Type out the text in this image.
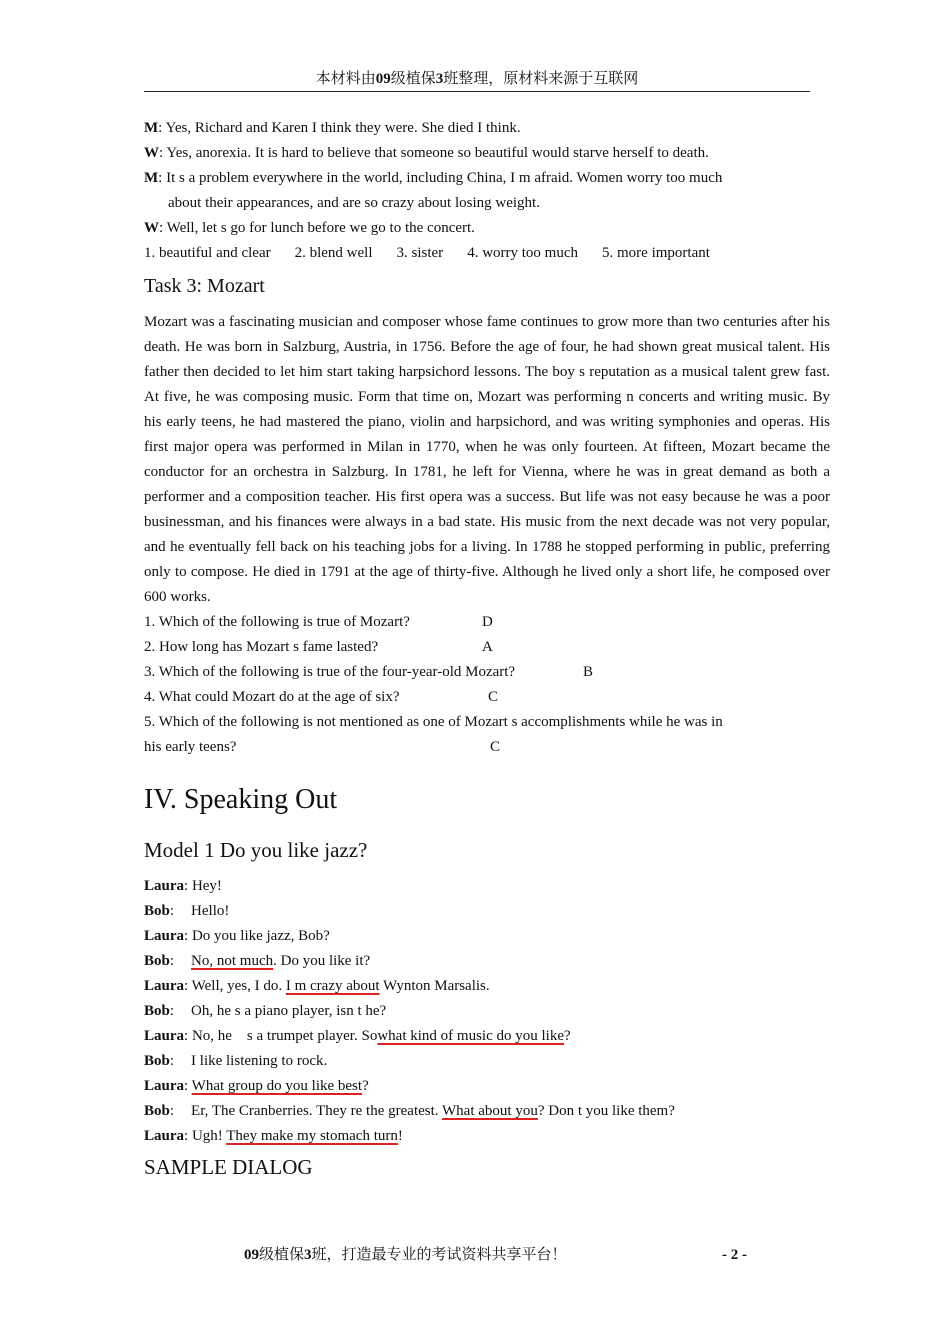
本材料由09级植保3班整理，原材料来源于互联网
M: Yes, Richard and Karen I think they were. She died I think.
W: Yes, anorexia. It is hard to believe that someone so beautiful would starve herself to death.
M: It s a problem everywhere in the world, including China, I m afraid. Women worry too much
about their appearances, and are so crazy about losing weight.
W: Well, let s go for lunch before we go to the concert.
1. beautiful and clear 2. blend well 3. sister 4. worry too much 5. more important
Task 3: Mozart
Mozart was a fascinating musician and composer whose fame continues to grow more than two centuries after his death. He was born in Salzburg, Austria, in 1756. Before the age of four, he had shown great musical talent. His father then decided to let him start taking harpsichord lessons. The boy s reputation as a musical talent grew fast. At five, he was composing music. Form that time on, Mozart was performing n concerts and writing music. By his early teens, he had mastered the piano, violin and harpsichord, and was writing symphonies and operas. His first major opera was performed in Milan in 1770, when he was only fourteen. At fifteen, Mozart became the conductor for an orchestra in Salzburg. In 1781, he left for Vienna, where he was in great demand as both a performer and a composition teacher. His first opera was a success. But life was not easy because he was a poor businessman, and his finances were always in a bad state. His music from the next decade was not very popular, and he eventually fell back on his teaching jobs for a living. In 1788 he stopped performing in public, preferring only to compose. He died in 1791 at the age of thirty-five. Although he lived only a short life, he composed over 600 works.
1. Which of the following is true of Mozart?	D
2. How long has Mozart s fame lasted?	A
3. Which of the following is true of the four-year-old Mozart?	B
4. What could Mozart do at the age of six?	C
5. Which of the following is not mentioned as one of Mozart s accomplishments while he was in
his early teens?	C
IV. Speaking Out
Model 1 Do you like jazz?
Laura: Hey!
Bob: Hello!
Laura: Do you like jazz, Bob?
Bob: No, not much. Do you like it?
Laura: Well, yes, I do. I m crazy about Wynton Marsalis.
Bob: Oh, he s a piano player, isn t he?
Laura: No, he    s a trumpet player. Sowhat kind of music do you like?
Bob: I like listening to rock.
Laura: What group do you like best?
Bob: Er, The Cranberries. They re the greatest. What about you? Don t you like them?
Laura: Ugh! They make my stomach turn!
SAMPLE DIALOG
09级植保3班，打造最专业的考试资料共享平台！	- 2 -
